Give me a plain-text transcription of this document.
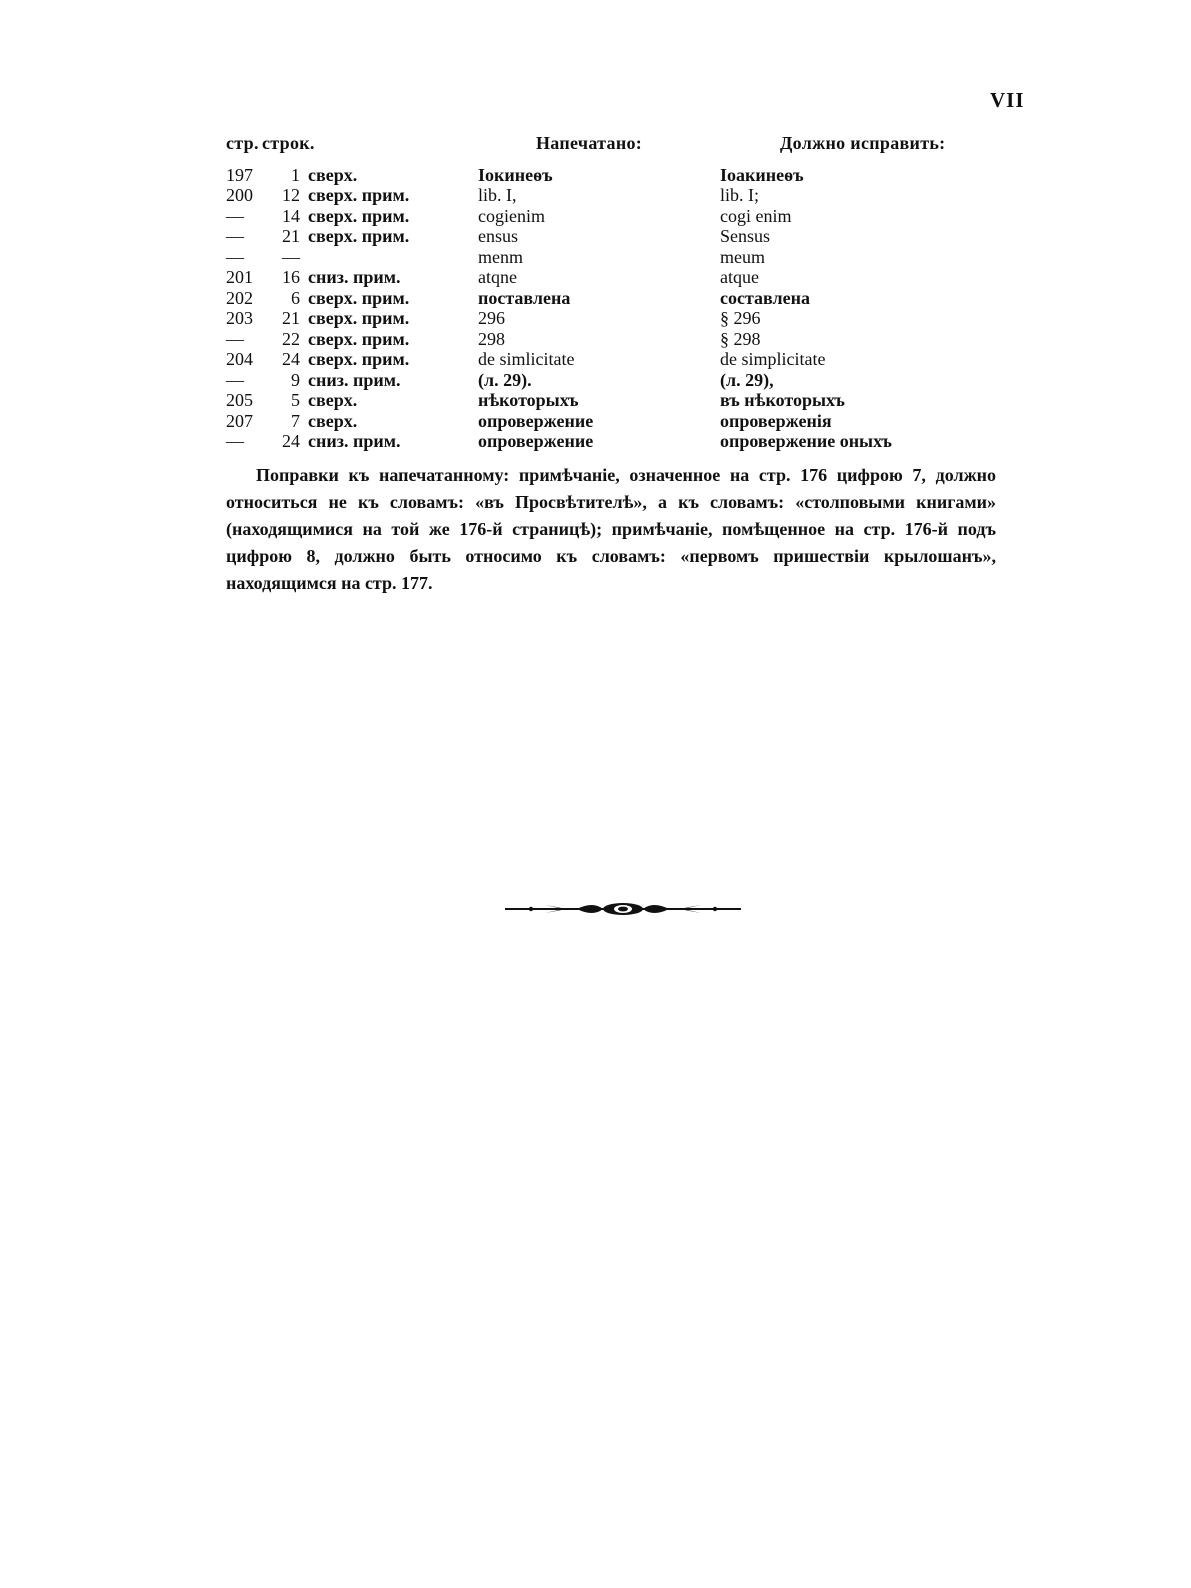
VII
стр.		строк.	Напечатано:	Должно исправить:
197	1	сверх.	Іокинеѳъ	Іоакинеѳъ
200	12	сверх. прим.	lib. I,	lib. I;
—	14	сверх. прим.	cogienim	cogi enim
—	21	сверх. прим.	ensus	Sensus
—	—		menm	meum
201	16	сниз. прим.	atqne	atque
202	6	сверх. прим.	поставлена	составлена
203	21	сверх. прим.	296	§ 296
—	22	сверх. прим.	298	§ 298
204	24	сверх. прим.	de simlicitate	de simplicitate
—	9	сниз. прим.	(л. 29).	(л. 29),
205	5	сверх.	нѣкоторыхъ	въ нѣкоторыхъ
207	7	сверх.	опровержение	опроверженія
—	24	сниз. прим.	опровержение	опровержение оныхъ

Поправки къ напечатанному: примѣчаніе, означенное на стр. 176 цифрою 7, должно относиться не къ словамъ: «въ Просвѣтителѣ», а къ словамъ: «столповыми книгами» (находящимися на той же 176-й страницѣ); примѣчаніе, помѣщенное на стр. 176-й подъ цифрою 8, должно быть относимо къ словамъ: «первомъ пришествіи крылошанъ», находящимся на стр. 177.
